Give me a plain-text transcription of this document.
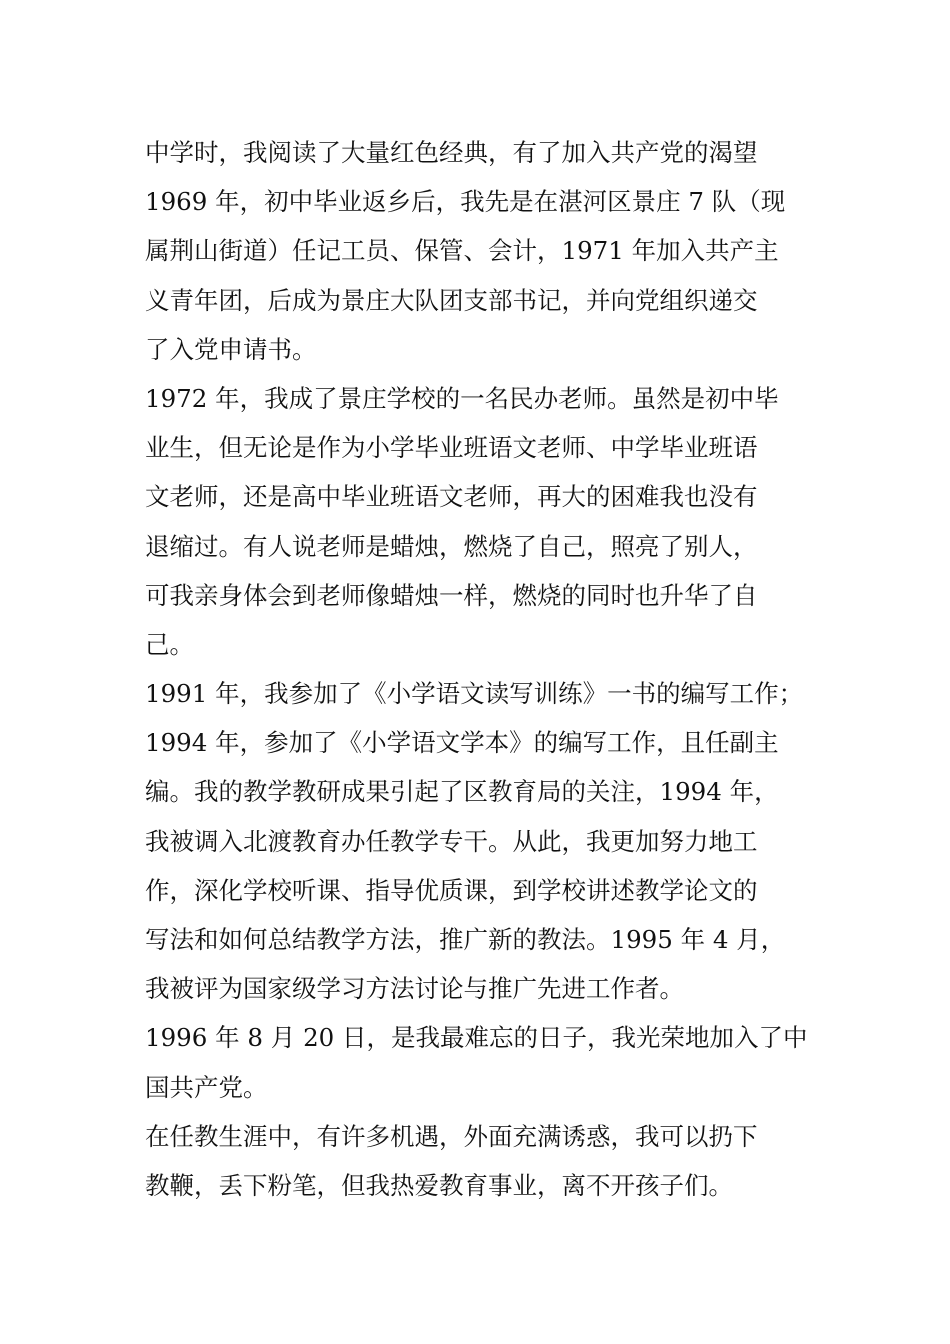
中学时，我阅读了大量红色经典，有了加入共产党的渴望
1969 年，初中毕业返乡后，我先是在湛河区景庄 7 队（现
属荆山街道）任记工员、保管、会计，1971 年加入共产主
义青年团，后成为景庄大队团支部书记，并向党组织递交
了入党申请书。
1972 年，我成了景庄学校的一名民办老师。虽然是初中毕
业生，但无论是作为小学毕业班语文老师、中学毕业班语
文老师，还是高中毕业班语文老师，再大的困难我也没有
退缩过。有人说老师是蜡烛，燃烧了自己，照亮了别人，
可我亲身体会到老师像蜡烛一样，燃烧的同时也升华了自
己。
1991 年，我参加了《小学语文读写训练》一书的编写工作；
1994 年，参加了《小学语文学本》的编写工作，且任副主
编。我的教学教研成果引起了区教育局的关注，1994 年，
我被调入北渡教育办任教学专干。从此，我更加努力地工
作，深化学校听课、指导优质课，到学校讲述教学论文的
写法和如何总结教学方法，推广新的教法。1995 年 4 月，
我被评为国家级学习方法讨论与推广先进工作者。
1996 年 8 月 20 日，是我最难忘的日子，我光荣地加入了中
国共产党。
在任教生涯中，有许多机遇，外面充满诱惑，我可以扔下
教鞭，丢下粉笔，但我热爱教育事业，离不开孩子们。
